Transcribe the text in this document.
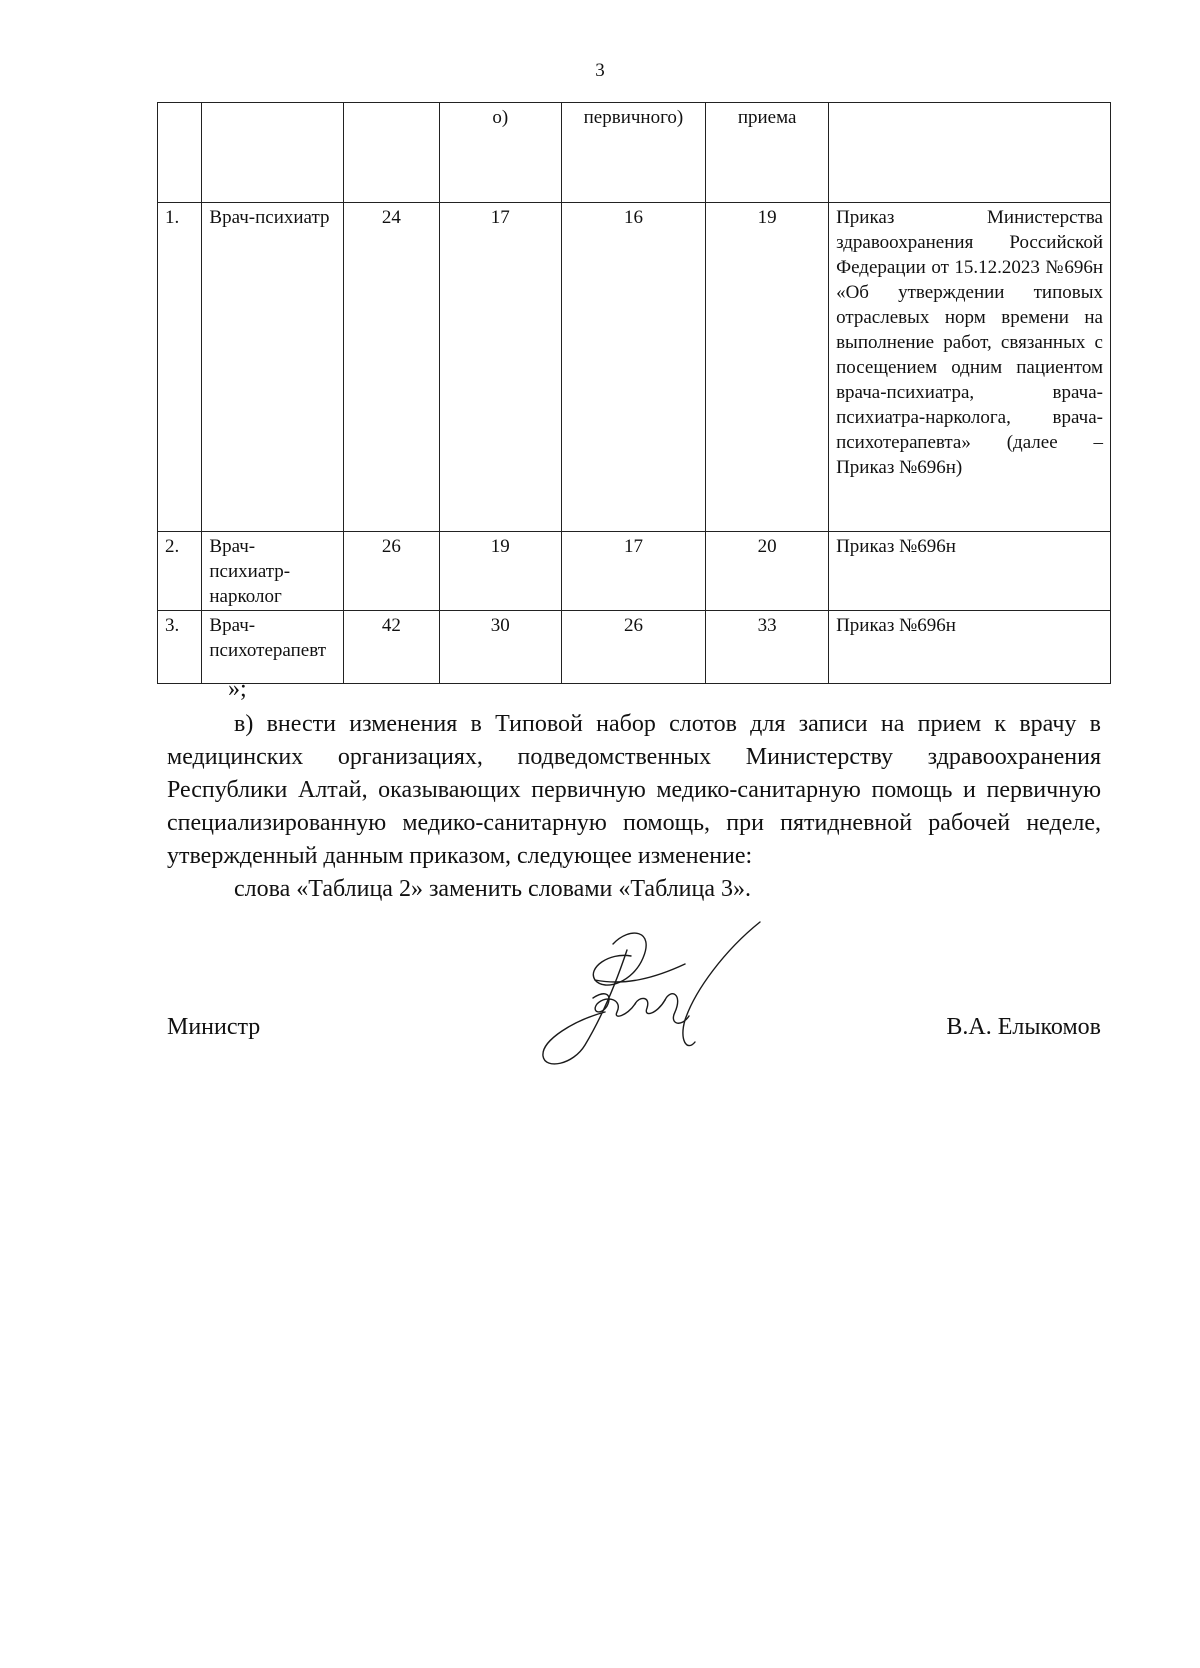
3
			о)	первичного)	приема	
1.	Врач-психиатр	24	17	16	19	Приказ Министерства здравоохранения Российской Федерации от 15.12.2023 №696н «Об утверждении типовых отраслевых норм времени на выполнение работ, связанных с посещением одним пациентом врача-психиатра, врача-психиатра-нарколога, врача-психотерапевта» (далее – Приказ №696н)
2.	Врач-психиатр-нарколог	26	19	17	20	Приказ №696н
3.	Врач-психотерапевт	42	30	26	33	Приказ №696н
»;

в) внести изменения в Типовой набор слотов для записи на прием к врачу в медицинских организациях, подведомственных Министерству здравоохранения Республики Алтай, оказывающих первичную медико-санитарную помощь и первичную специализированную медико-санитарную помощь, при пятидневной рабочей неделе, утвержденный данным приказом, следующее изменение:

слова «Таблица 2» заменить словами «Таблица 3».

Министр	В.А. Елыкомов
